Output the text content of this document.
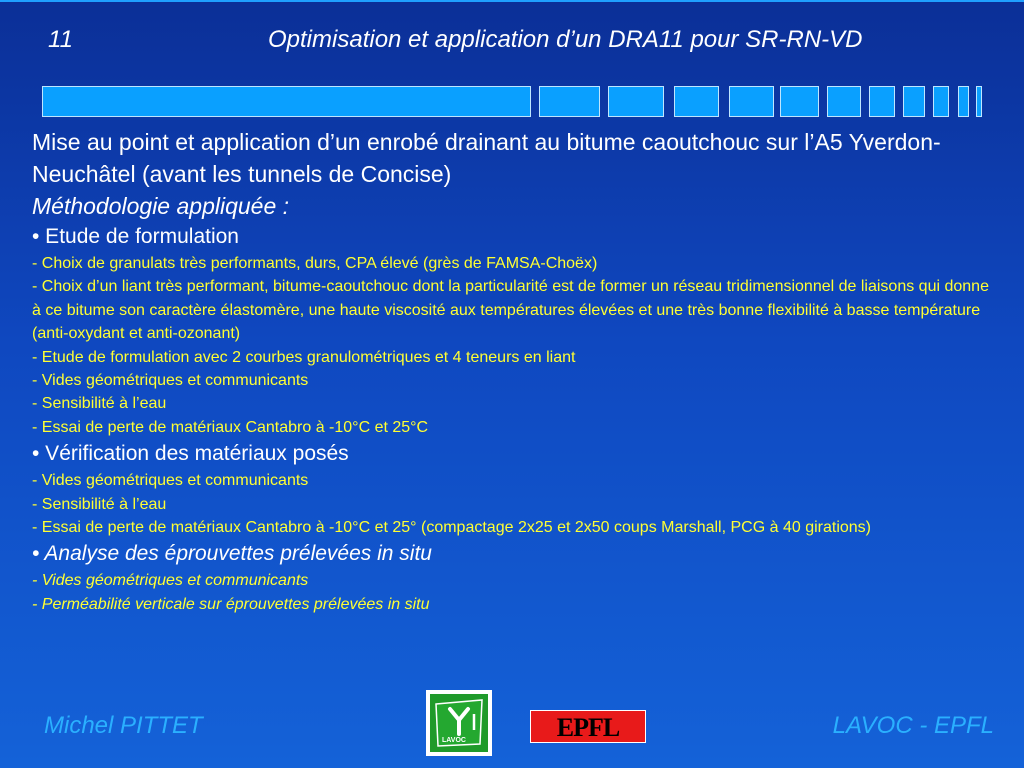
11	Optimisation et application d’un DRA11 pour SR-RN-VD

Mise au point et application d’un enrobé drainant au bitume caoutchouc sur l’A5 Yverdon-Neuchâtel (avant les tunnels de Concise)

Méthodologie appliquée :

• Etude de formulation

- Choix de granulats très performants, durs, CPA élevé (grès de FAMSA-Choëx)

- Choix d’un liant très performant, bitume-caoutchouc dont la particularité est de former un réseau tridimensionnel de liaisons qui donne à ce bitume son caractère élastomère, une haute viscosité aux températures élevées et une très bonne flexibilité à basse température (anti-oxydant et anti-ozonant)

- Etude de formulation avec 2 courbes granulométriques et 4 teneurs en liant

- Vides géométriques et communicants

- Sensibilité à l’eau

- Essai de perte de matériaux Cantabro à -10°C et 25°C

• Vérification des matériaux posés

- Vides géométriques et communicants

- Sensibilité à l’eau

- Essai de perte de matériaux Cantabro à -10°C et 25° (compactage 2x25 et 2x50 coups Marshall, PCG à 40 girations)

• Analyse des éprouvettes prélevées in situ

- Vides géométriques et communicants

- Perméabilité verticale sur éprouvettes prélevées in situ

Michel PITTET
LAVOC	EPFL	LAVOC - EPFL
